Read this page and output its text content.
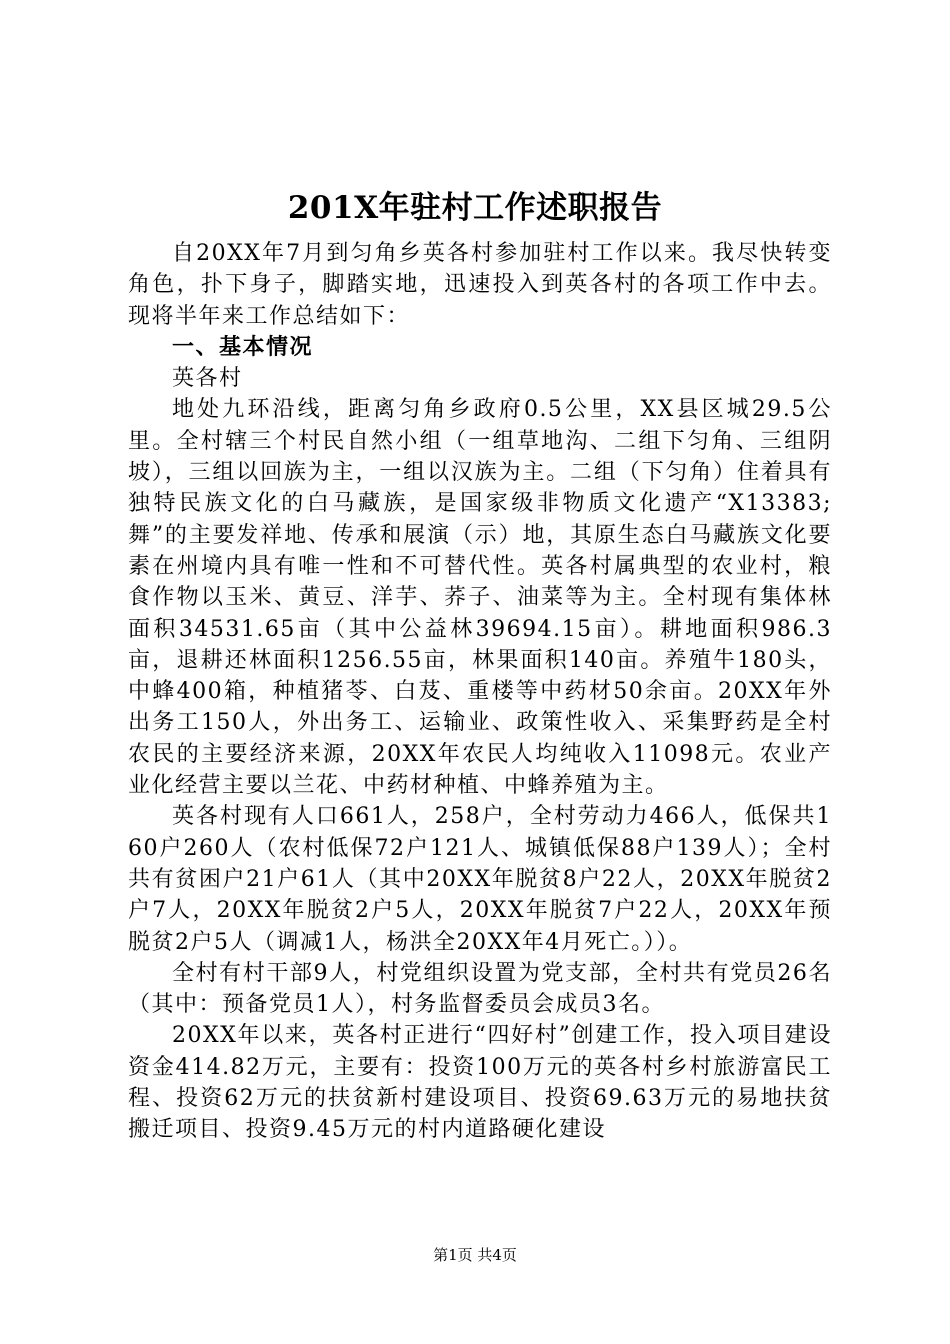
201X年驻村工作述职报告

自20XX年7月到匀角乡英各村参加驻村工作以来。我尽快转变角色，扑下身子，脚踏实地，迅速投入到英各村的各项工作中去。现将半年来工作总结如下：

一、基本情况

英各村

地处九环沿线，距离匀角乡政府0.5公里，XX县区城29.5公里。全村辖三个村民自然小组（一组草地沟、二组下匀角、三组阴坡），三组以回族为主，一组以汉族为主。二组（下匀角）住着具有独特民族文化的白马藏族，是国家级非物质文化遗产“X13383;舞”的主要发祥地、传承和展演（示）地，其原生态白马藏族文化要素在州境内具有唯一性和不可替代性。英各村属典型的农业村，粮食作物以玉米、黄豆、洋芋、荞子、油菜等为主。全村现有集体林面积34531.65亩（其中公益林39694.15亩）。耕地面积986.3亩，退耕还林面积1256.55亩，林果面积140亩。养殖牛180头，中蜂400箱，种植猪苓、白芨、重楼等中药材50余亩。20XX年外出务工150人，外出务工、运输业、政策性收入、采集野药是全村农民的主要经济来源，20XX年农民人均纯收入11098元。农业产业化经营主要以兰花、中药材种植、中蜂养殖为主。

英各村现有人口661人，258户，全村劳动力466人，低保共160户260人（农村低保72户121人、城镇低保88户139人）；全村共有贫困户21户61人（其中20XX年脱贫8户22人，20XX年脱贫2户7人，20XX年脱贫2户5人，20XX年脱贫7户22人，20XX年预脱贫2户5人（调减1人，杨洪全20XX年4月死亡。））。

全村有村干部9人，村党组织设置为党支部，全村共有党员26名（其中：预备党员1人），村务监督委员会成员3名。

20XX年以来，英各村正进行“四好村”创建工作，投入项目建设资金414.82万元，主要有：投资100万元的英各村乡村旅游富民工程、投资62万元的扶贫新村建设项目、投资69.63万元的易地扶贫搬迁项目、投资9.45万元的村内道路硬化建设

第1页 共4页
